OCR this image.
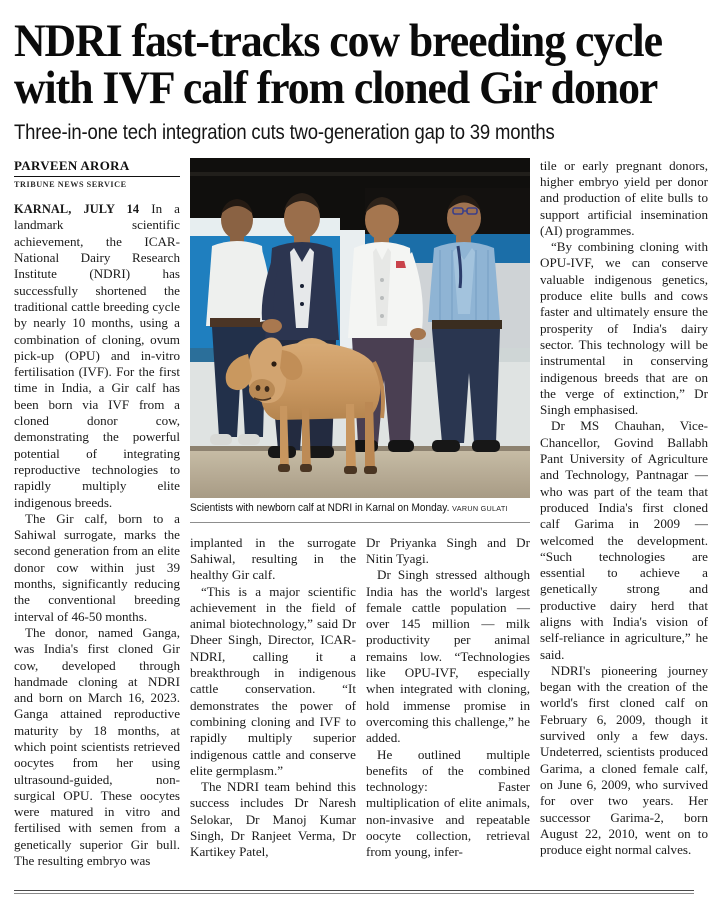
NDRI fast-tracks cow breeding cycle
with IVF calf from cloned Gir donor
Three-in-one tech integration cuts two-generation gap to 39 months
Scientists with newborn calf at NDRI in Karnal on Monday. VARUN GULATI
PARVEEN ARORA
TRIBUNE NEWS SERVICE

KARNAL, JULY 14 In a landmark scientific achievement, the ICAR-National Dairy Research Institute (NDRI) has successfully shortened the traditional cattle breeding cycle by nearly 10 months, using a combination of cloning, ovum pick-up (OPU) and in-vitro fertilisation (IVF). For the first time in India, a Gir calf has been born via IVF from a cloned donor cow, demonstrating the powerful potential of integrating reproductive technologies to rapidly multiply elite indigenous breeds.

The Gir calf, born to a Sahiwal surrogate, marks the second generation from an elite donor cow within just 39 months, significantly reducing the conventional breeding interval of 46-50 months.

The donor, named Ganga, was India's first cloned Gir cow, developed through handmade cloning at NDRI and born on March 16, 2023. Ganga attained reproductive maturity by 18 months, at which point scientists retrieved oocytes from her using ultrasound-guided, non-surgical OPU. These oocytes were matured in vitro and fertilised with semen from a genetically superior Gir bull. The resulting embryo was

implanted in the surrogate Sahiwal, resulting in the healthy Gir calf.

“This is a major scientific achievement in the field of animal biotechnology,” said Dr Dheer Singh, Director, ICAR-NDRI, calling it a breakthrough in indigenous cattle conservation. “It demonstrates the power of combining cloning and IVF to rapidly multiply superior indigenous cattle and conserve elite germplasm.”

The NDRI team behind this success includes Dr Naresh Selokar, Dr Manoj Kumar Singh, Dr Ranjeet Verma, Dr Kartikey Patel,

Dr Priyanka Singh and Dr Nitin Tyagi.

Dr Singh stressed although India has the world's largest female cattle population — over 145 million — milk productivity per animal remains low. “Technologies like OPU-IVF, especially when integrated with cloning, hold immense promise in overcoming this challenge,” he added.

He outlined multiple benefits of the combined technology: Faster multiplication of elite animals, non-invasive and repeatable oocyte collection, retrieval from young, infer-

tile or early pregnant donors, higher embryo yield per donor and production of elite bulls to support artificial insemination (AI) programmes.

“By combining cloning with OPU-IVF, we can conserve valuable indigenous genetics, produce elite bulls and cows faster and ultimately ensure the prosperity of India's dairy sector. This technology will be instrumental in conserving indigenous breeds that are on the verge of extinction,” Dr Singh emphasised.

Dr MS Chauhan, Vice-Chancellor, Govind Ballabh Pant University of Agriculture and Technology, Pantnagar — who was part of the team that produced India's first cloned calf Garima in 2009 — welcomed the development. “Such technologies are essential to achieve a genetically strong and productive dairy herd that aligns with India's vision of self-reliance in agriculture,” he said.

NDRI's pioneering journey began with the creation of the world's first cloned calf on February 6, 2009, though it survived only a few days. Undeterred, scientists produced Garima, a cloned female calf, on June 6, 2009, who survived for over two years. Her successor Garima-2, born August 22, 2010, went on to produce eight normal calves.
